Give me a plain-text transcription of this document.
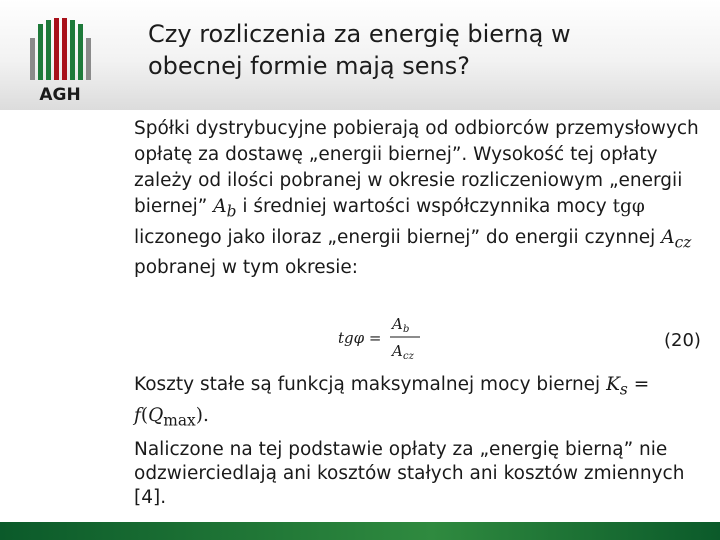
AGH
Czy rozliczenia za energię bierną w
obecnej formie mają sens?
Spółki dystrybucyjne pobierają od odbiorców przemysłowych opłatę za dostawę „energii biernej”. Wysokość tej opłaty zależy od ilości pobranej w okresie rozliczeniowym „energii biernej” $A_b$ i średniej wartości współczynnika mocy tgφ liczonego jako iloraz „energii biernej” do energii czynnej $A_{cz}$ pobranej w tym okresie:
tgφ =
A b
A cz
(20)
Koszty stałe są funkcją maksymalnej mocy biernej $K_s = f(Q_{max})$.
Naliczone na tej podstawie opłaty za „energię bierną” nie odzwierciedlają ani kosztów stałych ani kosztów zmiennych [4].
